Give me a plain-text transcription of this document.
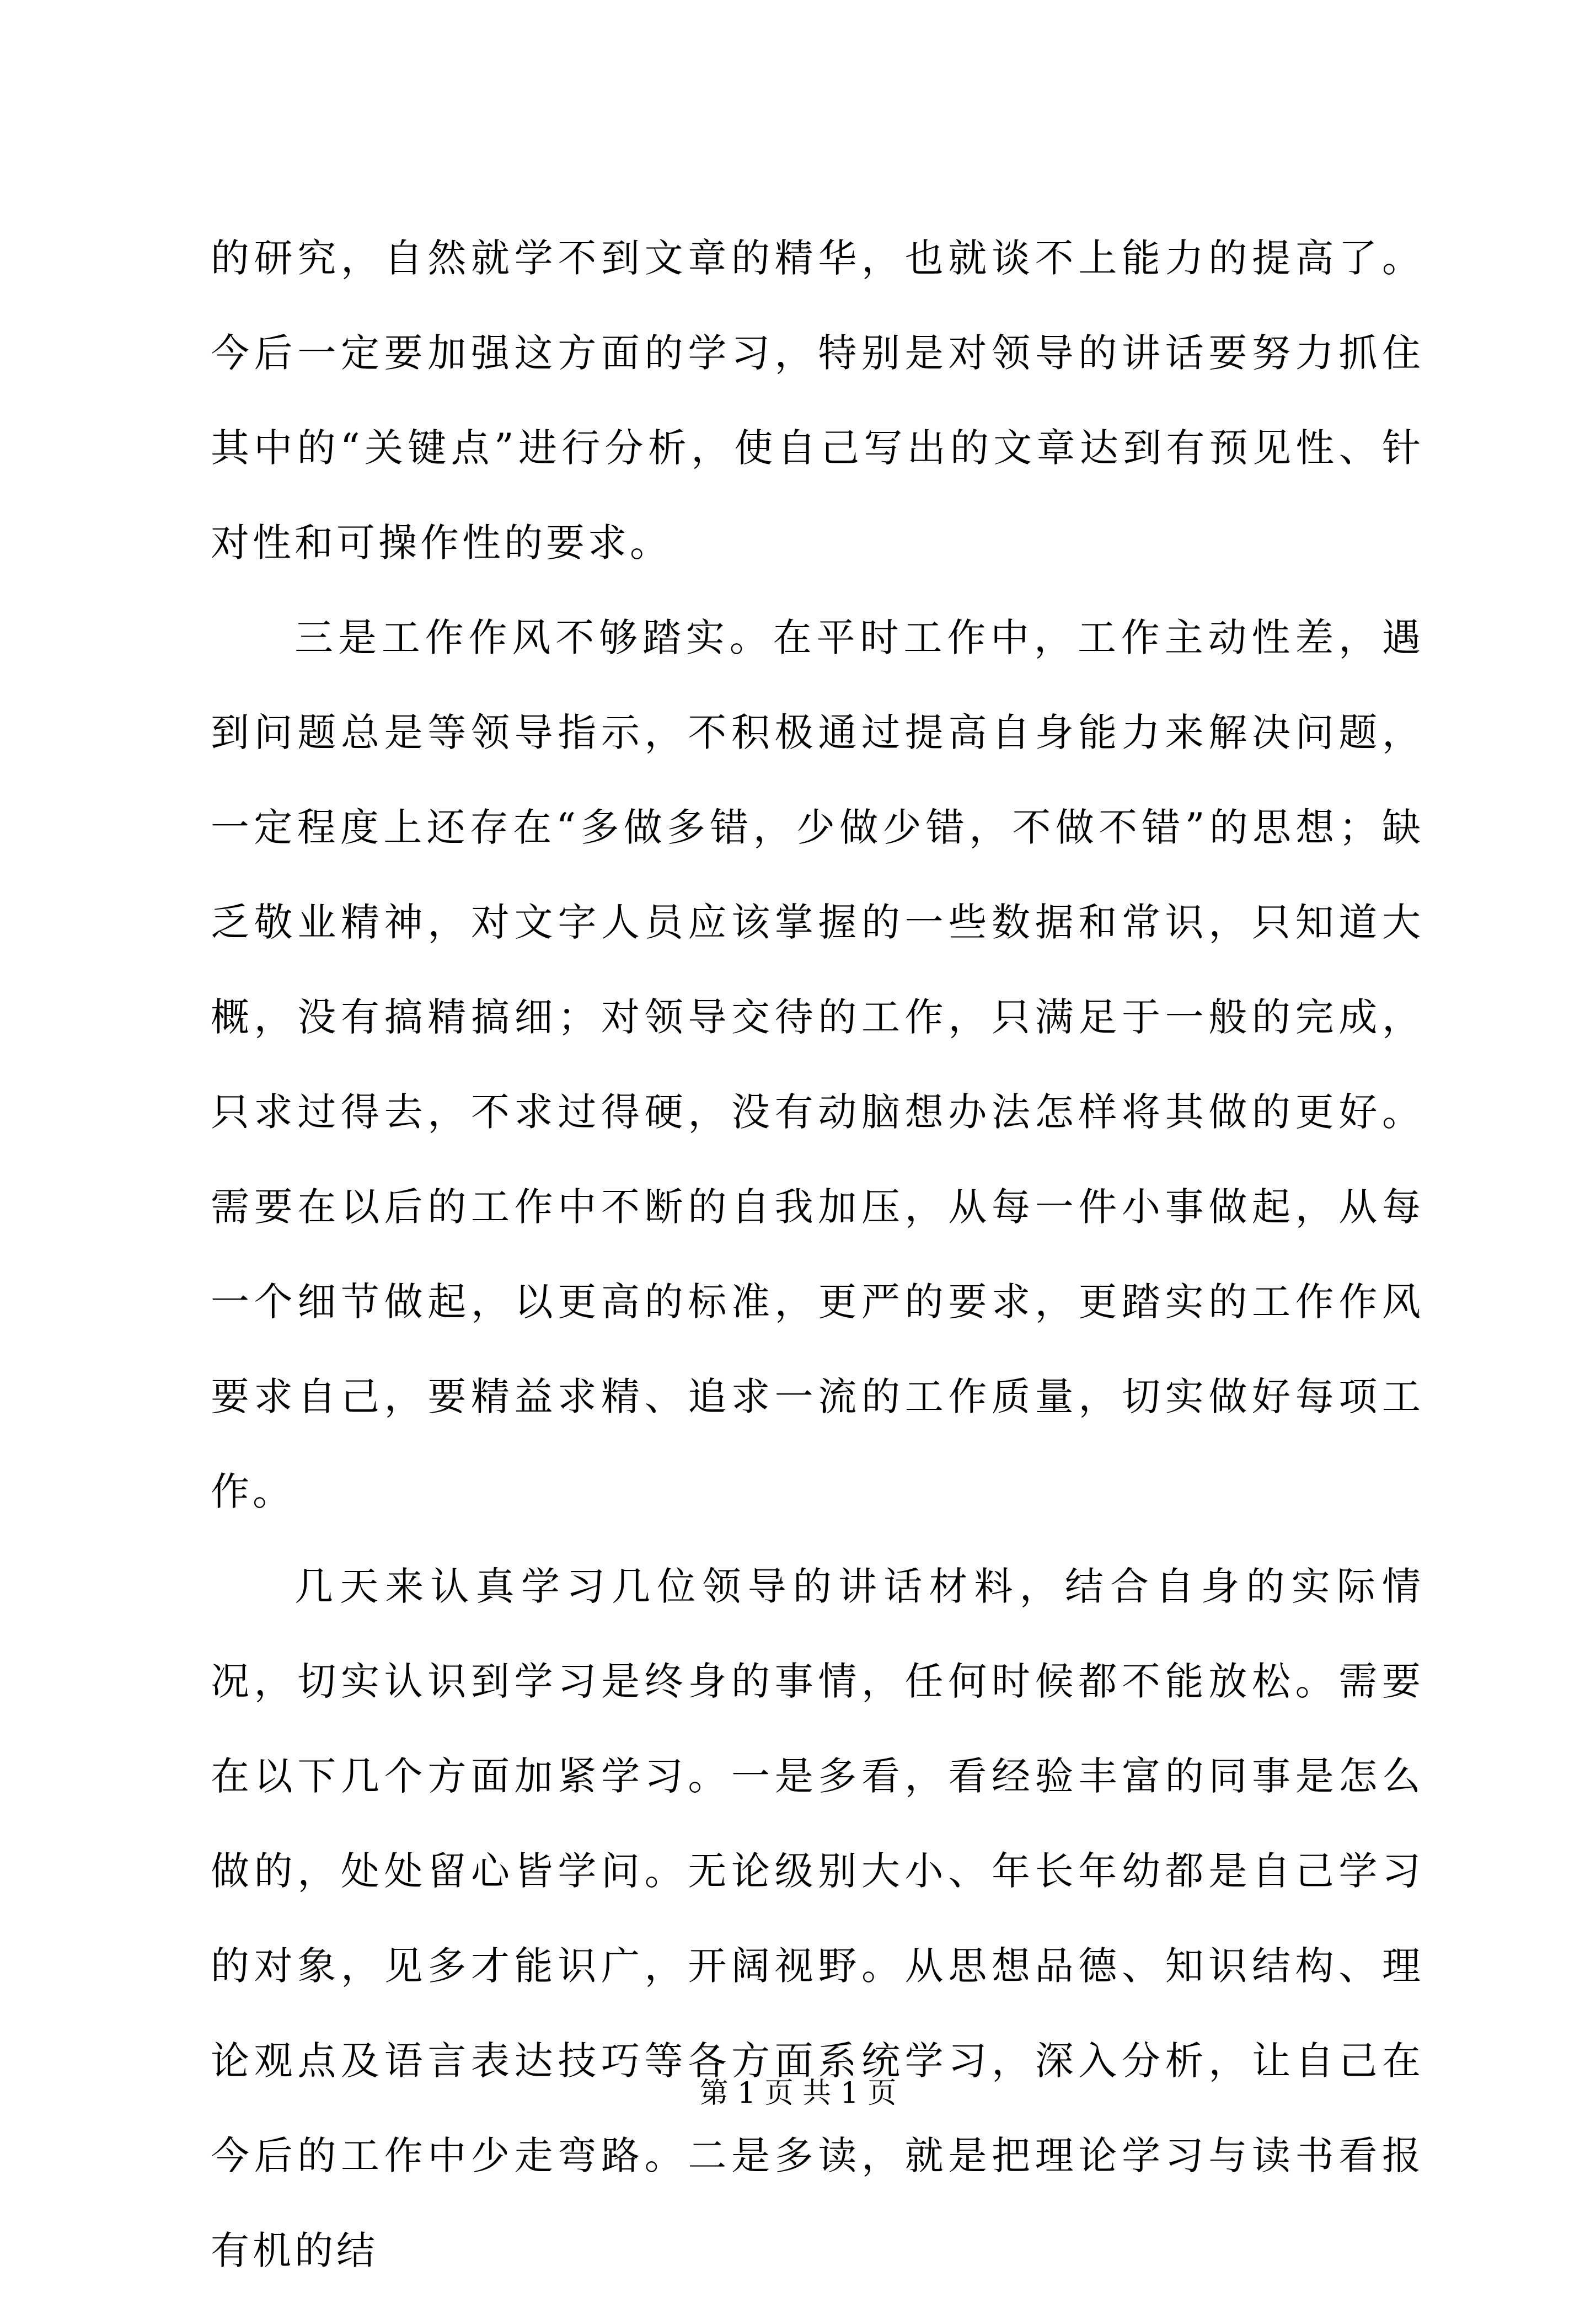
的研究，自然就学不到文章的精华，也就谈不上能力的提高了。今后一定要加强这方面的学习，特别是对领导的讲话要努力抓住其中的“关键点”进行分析，使自己写出的文章达到有预见性、针对性和可操作性的要求。

三是工作作风不够踏实。在平时工作中，工作主动性差，遇到问题总是等领导指示，不积极通过提高自身能力来解决问题，一定程度上还存在“多做多错，少做少错，不做不错”的思想；缺乏敬业精神，对文字人员应该掌握的一些数据和常识，只知道大概，没有搞精搞细；对领导交待的工作，只满足于一般的完成，只求过得去，不求过得硬，没有动脑想办法怎样将其做的更好。需要在以后的工作中不断的自我加压，从每一件小事做起，从每一个细节做起，以更高的标准，更严的要求，更踏实的工作作风要求自己，要精益求精、追求一流的工作质量，切实做好每项工作。

几天来认真学习几位领导的讲话材料，结合自身的实际情况，切实认识到学习是终身的事情，任何时候都不能放松。需要在以下几个方面加紧学习。一是多看，看经验丰富的同事是怎么做的，处处留心皆学问。无论级别大小、年长年幼都是自己学习的对象，见多才能识广，开阔视野。从思想品德、知识结构、理论观点及语言表达技巧等各方面系统学习，深入分析，让自己在今后的工作中少走弯路。二是多读，就是把理论学习与读书看报有机的结

第 1 页 共 1 页
